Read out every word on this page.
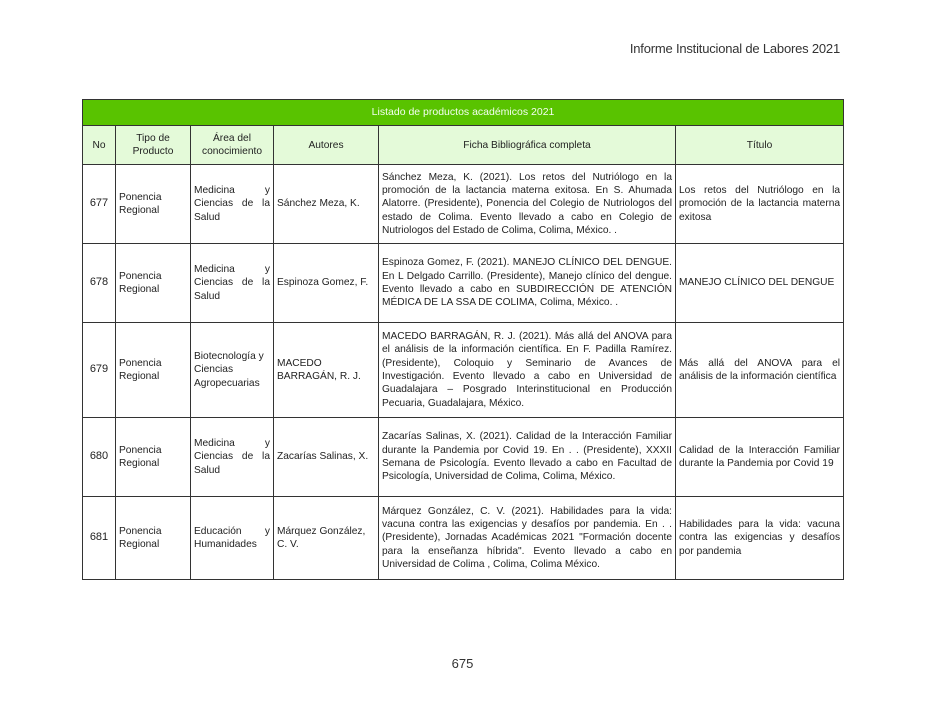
Informe Institucional de Labores 2021
Listado de productos académicos 2021					
No	Tipo de Producto	Área del conocimiento	Autores	Ficha Bibliográfica completa	Título
677	Ponencia Regional	Medicina y Ciencias de la Salud	Sánchez Meza, K.	Sánchez Meza, K. (2021). Los retos del Nutriólogo en la promoción de la lactancia materna exitosa. En S. Ahumada Alatorre. (Presidente), Ponencia del Colegio de Nutriologos del estado de Colima. Evento llevado a cabo en Colegio de Nutriologos del Estado de Colima, Colima, México. .	Los retos del Nutriólogo en la promoción de la lactancia materna exitosa
678	Ponencia Regional	Medicina y Ciencias de la Salud	Espinoza Gomez, F.	Espinoza Gomez, F. (2021). MANEJO CLÍNICO DEL DENGUE. En L Delgado Carrillo. (Presidente), Manejo clínico del dengue. Evento llevado a cabo en SUBDIRECCIÓN DE ATENCIÓN MÉDICA DE LA SSA DE COLIMA, Colima, México. .	MANEJO CLÍNICO DEL DENGUE
679	Ponencia Regional	Biotecnología y Ciencias Agropecuarias	MACEDO BARRAGÁN, R. J.	MACEDO BARRAGÁN, R. J. (2021). Más allá del ANOVA para el análisis de la información científica. En F. Padilla Ramírez. (Presidente), Coloquio y Seminario de Avances de Investigación. Evento llevado a cabo en Universidad de Guadalajara – Posgrado Interinstitucional en Producción Pecuaria, Guadalajara, México.	Más allá del ANOVA para el análisis de la información científica
680	Ponencia Regional	Medicina y Ciencias de la Salud	Zacarías Salinas, X.	Zacarías Salinas, X. (2021). Calidad de la Interacción Familiar durante la Pandemia por Covid 19. En . . (Presidente), XXXII Semana de Psicología. Evento llevado a cabo en Facultad de Psicología, Universidad de Colima, Colima, México.	Calidad de la Interacción Familiar durante la Pandemia por Covid 19
681	Ponencia Regional	Educación y Humanidades	Márquez González, C. V.	Márquez González, C. V. (2021). Habilidades para la vida: vacuna contra las exigencias y desafíos por pandemia. En . . (Presidente), Jornadas Académicas 2021 "Formación docente para la enseñanza híbrida". Evento llevado a cabo en Universidad de Colima , Colima, Colima México.	Habilidades para la vida: vacuna contra las exigencias y desafíos por pandemia
675
